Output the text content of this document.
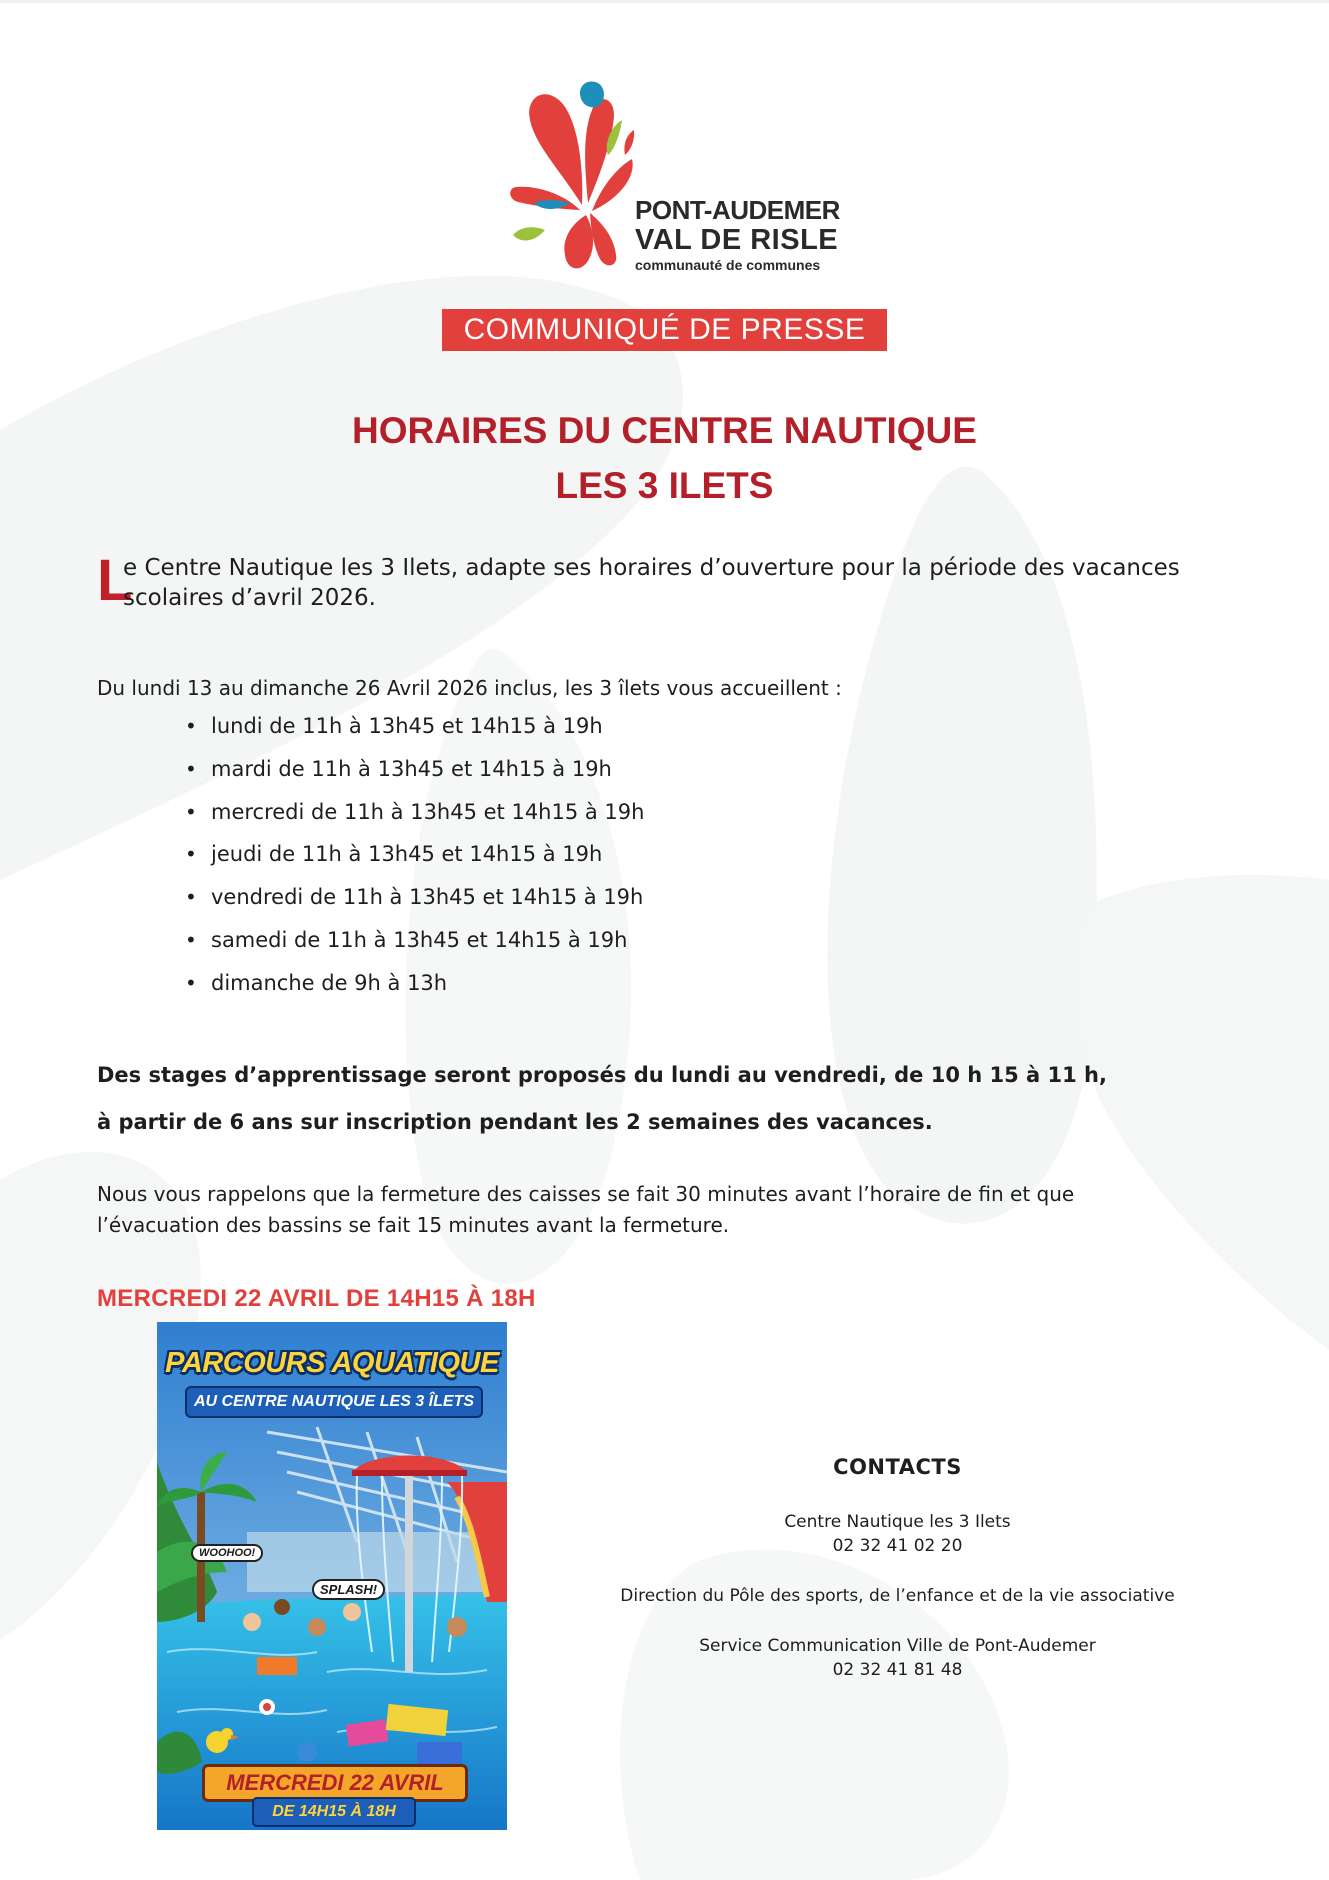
PONT-AUDEMER
VAL DE RISLE
communauté de communes
COMMUNIQUÉ DE PRESSE
HORAIRES DU CENTRE NAUTIQUE
LES 3 ILETS
L
e Centre Nautique les 3 Ilets, adapte ses horaires d’ouverture pour la période des vacances
scolaires d’avril 2026.
Du lundi 13 au dimanche 26 Avril 2026 inclus, les 3 îlets vous accueillent :
• lundi de 11h à 13h45 et 14h15 à 19h
• mardi de 11h à 13h45 et 14h15 à 19h
• mercredi de 11h à 13h45 et 14h15 à 19h
• jeudi de 11h à 13h45 et 14h15 à 19h
• vendredi de 11h à 13h45 et 14h15 à 19h
• samedi de 11h à 13h45 et 14h15 à 19h
• dimanche de 9h à 13h
Des stages d’apprentissage seront proposés du lundi au vendredi, de 10 h 15 à 11 h,
à partir de 6 ans sur inscription pendant les 2 semaines des vacances.
Nous vous rappelons que la fermeture des caisses se fait 30 minutes avant l’horaire de fin et que
l’évacuation des bassins se fait 15 minutes avant la fermeture.
MERCREDI 22 AVRIL DE 14H15 À 18H
PARCOURS AQUATIQUE
AU CENTRE NAUTIQUE LES 3 ÎLETS
WOOHOO!
SPLASH!
MERCREDI 22 AVRIL
DE 14H15 À 18H
CONTACTS
Centre Nautique les 3 Ilets
02 32 41 02 20
Direction du Pôle des sports, de l’enfance et de la vie associative
Service Communication Ville de Pont-Audemer
02 32 41 81 48
